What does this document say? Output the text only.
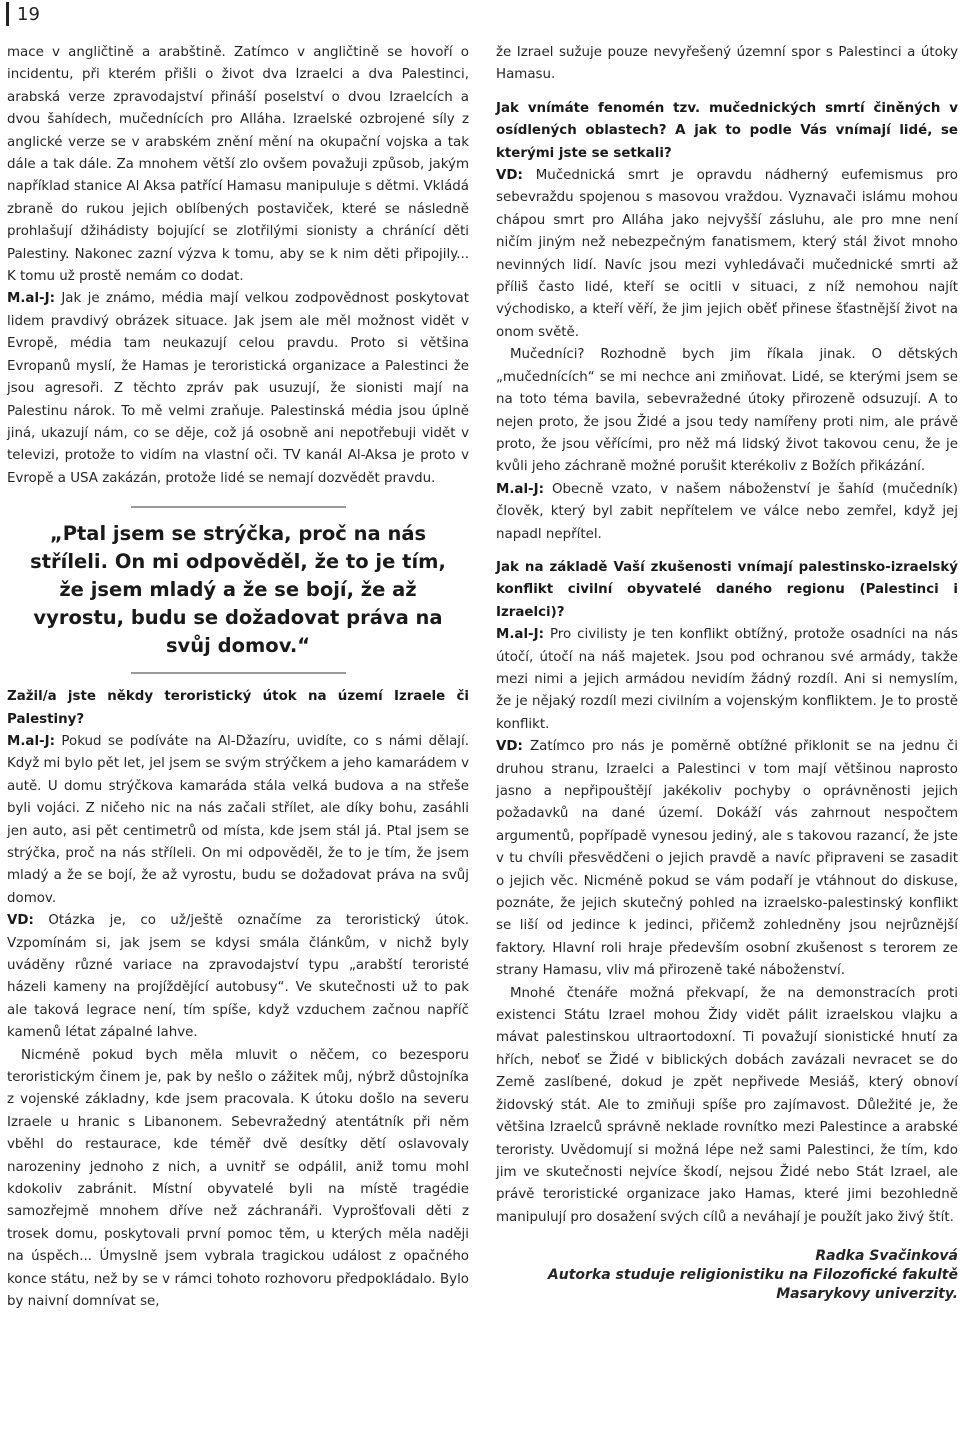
19

mace v angličtině a arabštině. Zatímco v angličtině se hovoří o incidentu, při kterém přišli o život dva Izraelci a dva Palestinci, arabská verze zpravodajství přináší poselství o dvou Izraelcích a dvou šahídech, mučednících pro Alláha. Izraelské ozbrojené síly z anglické verze se v arabském znění mění na okupační vojska a tak dále a tak dále. Za mnohem větší zlo ovšem považuji způsob, jakým například stanice Al Aksa patřící Hamasu manipuluje s dětmi. Vkládá zbraně do rukou jejich oblíbených postaviček, které se následně prohlašují džihádisty bojující se zlotřilými sionisty a chránící děti Palestiny. Nakonec zazní výzva k tomu, aby se k nim děti připojily... K tomu už prostě nemám co dodat.

M.al-J: Jak je známo, média mají velkou zodpovědnost poskytovat lidem pravdivý obrázek situace. Jak jsem ale měl možnost vidět v Evropě, média tam neukazují celou pravdu. Proto si většina Evropanů myslí, že Hamas je teroristická organizace a Palestinci že jsou agresoři. Z těchto zpráv pak usuzují, že sionisti mají na Palestinu nárok. To mě velmi zraňuje. Palestinská média jsou úplně jiná, ukazují nám, co se děje, což já osobně ani nepotřebuji vidět v televizi, protože to vidím na vlastní oči. TV kanál Al-Aksa je proto v Evropě a USA zakázán, protože lidé se nemají dozvědět pravdu.

„Ptal jsem se strýčka, proč na nás stříleli. On mi odpověděl, že to je tím, že jsem mladý a že se bojí, že až vyrostu, budu se dožadovat práva na svůj domov.“

Zažil/a jste někdy teroristický útok na území Izraele či Palestiny?

M.al-J: Pokud se podíváte na Al-Džazíru, uvidíte, co s námi dělají. Když mi bylo pět let, jel jsem se svým strýčkem a jeho kamarádem v autě. U domu strýčkova kamaráda stála velká budova a na střeše byli vojáci. Z ničeho nic na nás začali střílet, ale díky bohu, zasáhli jen auto, asi pět centimetrů od místa, kde jsem stál já. Ptal jsem se strýčka, proč na nás stříleli. On mi odpověděl, že to je tím, že jsem mladý a že se bojí, že až vyrostu, budu se dožadovat práva na svůj domov.

VD: Otázka je, co už/ještě označíme za teroristický útok. Vzpomínám si, jak jsem se kdysi smála článkům, v nichž byly uváděny různé variace na zpravodajství typu „arabští teroristé házeli kameny na projíždějící autobusy“. Ve skutečnosti už to pak ale taková legrace není, tím spíše, když vzduchem začnou napříč kamenů létat zápalné lahve.

Nicméně pokud bych měla mluvit o něčem, co bezesporu teroristickým činem je, pak by nešlo o zážitek můj, nýbrž důstojníka z vojenské základny, kde jsem pracovala. K útoku došlo na severu Izraele u hranic s Libanonem. Sebevražedný atentátník při něm vběhl do restaurace, kde téměř dvě desítky dětí oslavovaly narozeniny jednoho z nich, a uvnitř se odpálil, aniž tomu mohl kdokoliv zabránit. Místní obyvatelé byli na místě tragédie samozřejmě mnohem dříve než záchranáři. Vyprošťovali děti z trosek domu, poskytovali první pomoc těm, u kterých měla naději na úspěch... Úmyslně jsem vybrala tragickou událost z opačného konce státu, než by se v rámci tohoto rozhovoru předpokládalo. Bylo by naivní domnívat se,

že Izrael sužuje pouze nevyřešený územní spor s Palestinci a útoky Hamasu.

Jak vnímáte fenomén tzv. mučednických smrtí činěných v osídlených oblastech? A jak to podle Vás vnímají lidé, se kterými jste se setkali?

VD: Mučednická smrt je opravdu nádherný eufemismus pro sebevraždu spojenou s masovou vraždou. Vyznavači islámu mohou chápou smrt pro Alláha jako nejvyšší zásluhu, ale pro mne není ničím jiným než nebezpečným fanatismem, který stál život mnoho nevinných lidí. Navíc jsou mezi vyhledávači mučednické smrti až příliš často lidé, kteří se ocitli v situaci, z níž nemohou najít východisko, a kteří věří, že jim jejich oběť přinese šťastnější život na onom světě.

Mučedníci? Rozhodně bych jim říkala jinak. O dětských „mučednících“ se mi nechce ani zmiňovat. Lidé, se kterými jsem se na toto téma bavila, sebevražedné útoky přirozeně odsuzují. A to nejen proto, že jsou Židé a jsou tedy namířeny proti nim, ale právě proto, že jsou věřícími, pro něž má lidský život takovou cenu, že je kvůli jeho záchraně možné porušit kterékoliv z Božích přikázání.

M.al-J: Obecně vzato, v našem náboženství je šahíd (mučedník) člověk, který byl zabit nepřítelem ve válce nebo zemřel, když jej napadl nepřítel.

Jak na základě Vaší zkušenosti vnímají palestinsko-izraelský konflikt civilní obyvatelé daného regionu (Palestinci i Izraelci)?

M.al-J: Pro civilisty je ten konflikt obtížný, protože osadníci na nás útočí, útočí na náš majetek. Jsou pod ochranou své armády, takže mezi nimi a jejich armádou nevidím žádný rozdíl. Ani si nemyslím, že je nějaký rozdíl mezi civilním a vojenským konfliktem. Je to prostě konflikt.

VD: Zatímco pro nás je poměrně obtížné přiklonit se na jednu či druhou stranu, Izraelci a Palestinci v tom mají většinou naprosto jasno a nepřipouštějí jakékoliv pochyby o oprávněnosti jejich požadavků na dané území. Dokáží vás zahrnout nespočtem argumentů, popřípadě vynesou jediný, ale s takovou razancí, že jste v tu chvíli přesvědčeni o jejich pravdě a navíc připraveni se zasadit o jejich věc. Nicméně pokud se vám podaří je vtáhnout do diskuse, poznáte, že jejich skutečný pohled na izraelsko-palestinský konflikt se liší od jedince k jedinci, přičemž zohledněny jsou nejrůznější faktory. Hlavní roli hraje především osobní zkušenost s terorem ze strany Hamasu, vliv má přirozeně také náboženství.

Mnohé čtenáře možná překvapí, že na demonstracích proti existenci Státu Izrael mohou Židy vidět pálit izraelskou vlajku a mávat palestinskou ultraortodoxní. Ti považují sionistické hnutí za hřích, neboť se Židé v biblických dobách zavázali nevracet se do Země zaslíbené, dokud je zpět nepřivede Mesiáš, který obnoví židovský stát. Ale to zmiňuji spíše pro zajímavost. Důležité je, že většina Izraelců správně neklade rovnítko mezi Palestince a arabské teroristy. Uvědomují si možná lépe než sami Palestinci, že tím, kdo jim ve skutečnosti nejvíce škodí, nejsou Židé nebo Stát Izrael, ale právě teroristické organizace jako Hamas, které jimi bezohledně manipulují pro dosažení svých cílů a neváhají je použít jako živý štít.

Radka Svačinková
Autorka studuje religionistiku na Filozofické fakultě
Masarykovy univerzity.
